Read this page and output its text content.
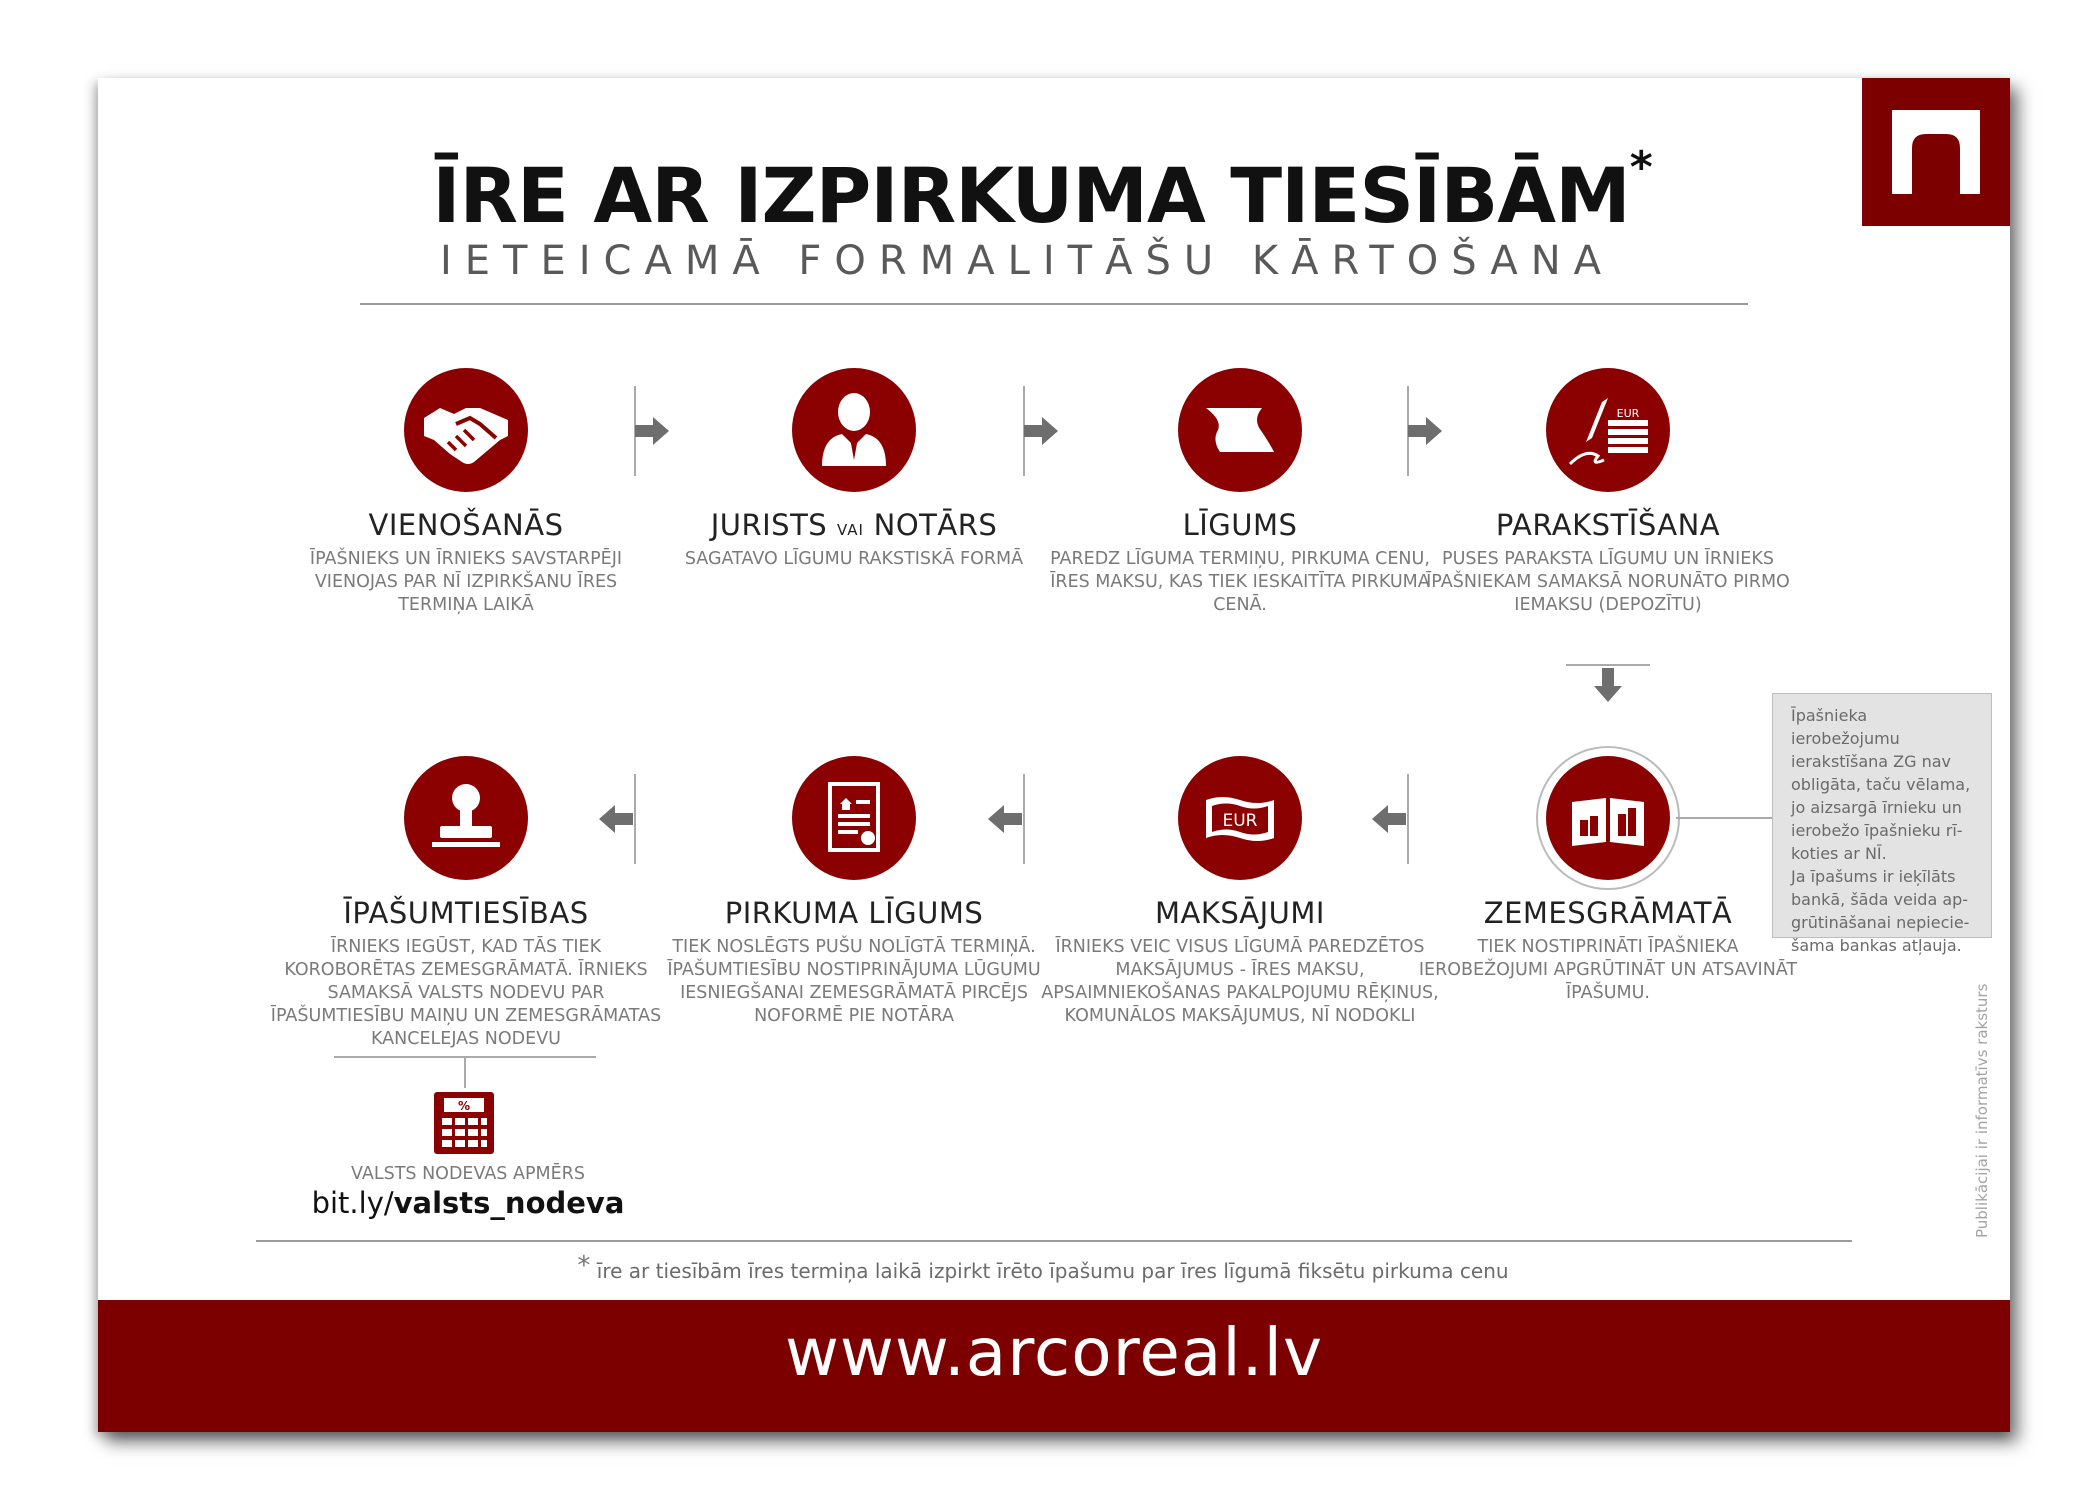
ĪRE AR IZPIRKUMA TIESĪBĀM*
IETEICAMĀ FORMALITĀŠU KĀRTOŠANA
VIENOŠANĀS
ĪPAŠNIEKS UN ĪRNIEKS SAVSTARPĒJI VIENOJAS PAR NĪ IZPIRKŠANU ĪRES TERMIŅA LAIKĀ
JURISTS VAI NOTĀRS
SAGATAVO LĪGUMU RAKSTISKĀ FORMĀ
LĪGUMS
PAREDZ LĪGUMA TERMIŅU, PIRKUMA CENU, ĪRES MAKSU, KAS TIEK IESKAITĪTA PIRKUMA CENĀ.
EUR
PARAKSTĪŠANA
PUSES PARAKSTA LĪGUMU UN ĪRNIEKS ĪPAŠNIEKAM SAMAKSĀ NORUNĀTO PIRMO IEMAKSU (DEPOZĪTU)
ZEMESGRĀMATĀ
TIEK NOSTIPRINĀTI ĪPAŠNIEKA IEROBEŽOJUMI APGRŪTINĀT UN ATSAVINĀT ĪPAŠUMU.
Īpašnieka ierobežojumu
ierakstīšana ZG nav
obligāta, taču vēlama,
jo aizsargā īrnieku un
ierobežo īpašnieku rī-
koties ar NĪ.
Ja īpašums ir ieķīlāts
bankā, šāda veida ap-
grūtināšanai nepiecie-
šama bankas atļauja.
EUR
MAKSĀJUMI
ĪRNIEKS VEIC VISUS LĪGUMĀ PAREDZĒTOS MAKSĀJUMUS - ĪRES MAKSU, APSAIMNIEKOŠANAS PAKALPOJUMU RĒĶINUS, KOMUNĀLOS MAKSĀJUMUS, NĪ NODOKLI
PIRKUMA LĪGUMS
TIEK NOSLĒGTS PUŠU NOLĪGTĀ TERMIŅĀ. ĪPAŠUMTIESĪBU NOSTIPRINĀJUMA LŪGUMU IESNIEGŠANAI ZEMESGRĀMATĀ PIRCĒJS NOFORMĒ PIE NOTĀRA
ĪPAŠUMTIESĪBAS
ĪRNIEKS IEGŪST, KAD TĀS TIEK KOROBORĒTAS ZEMESGRĀMATĀ. ĪRNIEKS SAMAKSĀ VALSTS NODEVU PAR ĪPAŠUMTIESĪBU MAIŅU UN ZEMESGRĀMATAS KANCELEJAS NODEVU
%
VALSTS NODEVAS APMĒRS
bit.ly/valsts_nodeva	Publikācijai ir informatīvs raksturs
* īre ar tiesībām īres termiņa laikā izpirkt īrēto īpašumu par īres līgumā fiksētu pirkuma cenu
www.arcoreal.lv
